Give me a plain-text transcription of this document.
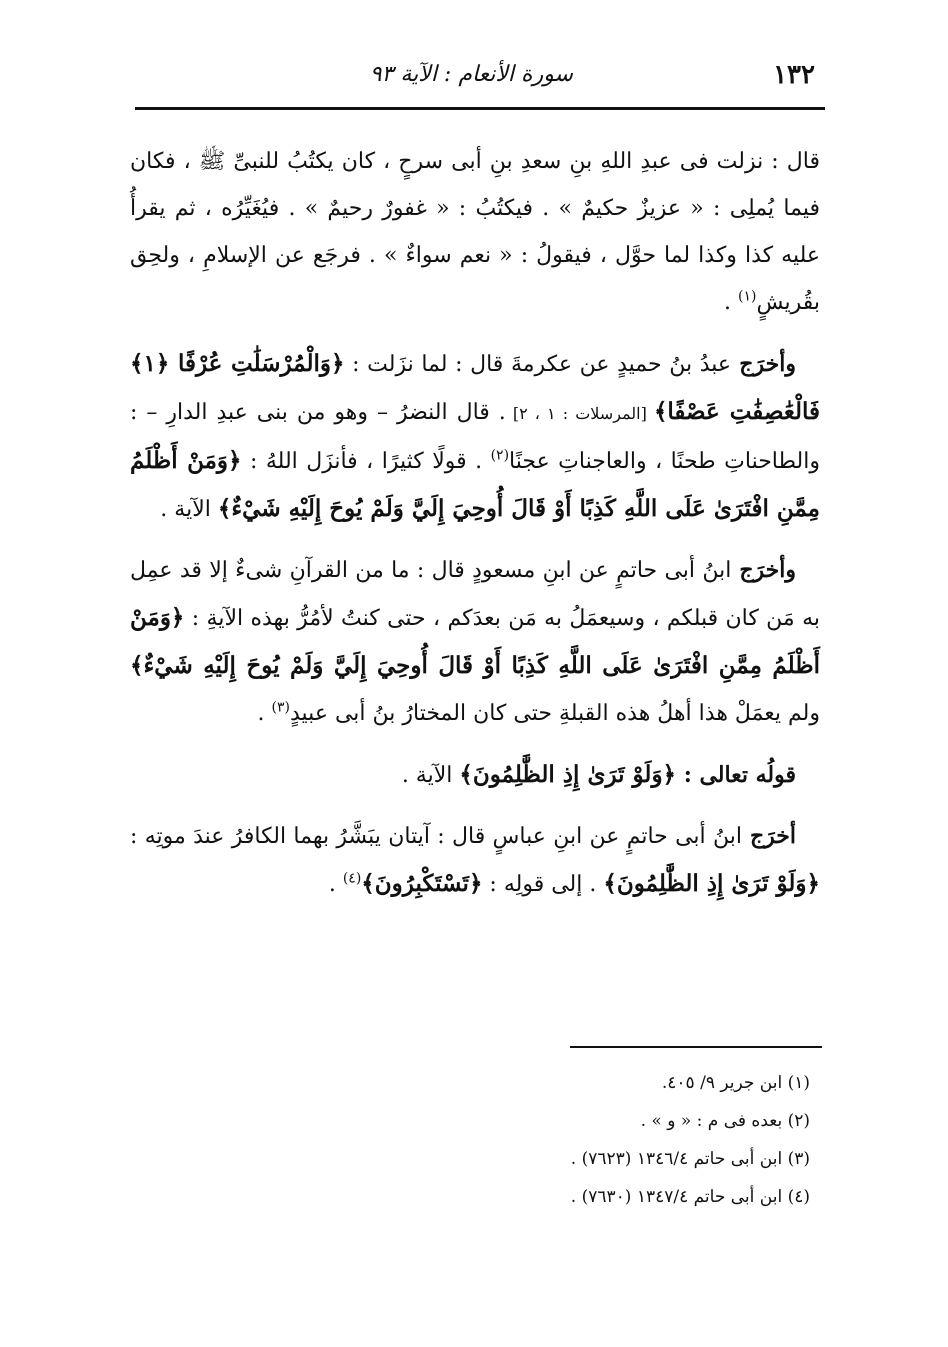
١٣٢
سورة الأنعام : الآية ٩٣

قال : نزلت فى عبدِ اللهِ بنِ سعدِ بنِ أبى سرحٍ ، كان يكتُبُ للنبىِّ ﷺ ، فكان فيما يُملِى : « عزيزٌ حكيمٌ » . فيكتُبُ : « غفورٌ رحيمٌ » . فيُغَيِّرُه ، ثم يقرأُ عليه كذا وكذا لما حوَّل ، فيقولُ : « نعم سواءٌ » . فرجَع عن الإسلامِ ، ولحِق بقُريشٍ$^{(١)}$ .

وأخرَج عبدُ بنُ حميدٍ عن عكرمةَ قال : لما نزَلت : ﴿وَالْمُرْسَلَٰتِ عُرْفًا ﴿١﴾ فَالْعَٰصِفَٰتِ عَصْفًا﴾ [المرسلات : ١ ، ٢] . قال النضرُ – وهو من بنى عبدِ الدارِ – : والطاحناتِ طحنًا ، والعاجناتِ عجنًا$^{(٢)}$ . قولًا كثيرًا ، فأنزَل اللهُ : ﴿وَمَنْ أَظْلَمُ مِمَّنِ افْتَرَىٰ عَلَى اللَّهِ كَذِبًا أَوْ قَالَ أُوحِيَ إِلَيَّ وَلَمْ يُوحَ إِلَيْهِ شَيْءٌ﴾ الآية .

وأخرَج ابنُ أبى حاتمٍ عن ابنِ مسعودٍ قال : ما من القرآنِ شىءٌ إلا قد عمِل به مَن كان قبلكم ، وسيعمَلُ به مَن بعدَكم ، حتى كنتُ لأمُرُّ بهذه الآيةِ : ﴿وَمَنْ أَظْلَمُ مِمَّنِ افْتَرَىٰ عَلَى اللَّهِ كَذِبًا أَوْ قَالَ أُوحِيَ إِلَيَّ وَلَمْ يُوحَ إِلَيْهِ شَيْءٌ﴾ ولم يعمَلْ هذا أهلُ هذه القبلةِ حتى كان المختارُ بنُ أبى عبيدٍ$^{(٣)}$ .

قولُه تعالى : ﴿وَلَوْ تَرَىٰ إِذِ الظَّٰلِمُونَ﴾ الآية .

أخرَج ابنُ أبى حاتمٍ عن ابنِ عباسٍ قال : آيتان يبَشَّرُ بهما الكافرُ عندَ موتِه : ﴿وَلَوْ تَرَىٰ إِذِ الظَّٰلِمُونَ﴾ . إلى قولِه : ﴿تَسْتَكْبِرُونَ﴾$^{(٤)}$ .

(١) ابن جرير ٩/ ٤٠٥.

(٢) بعده فى م : « و » .

(٣) ابن أبى حاتم ١٣٤٦/٤ (٧٦٢٣) .

(٤) ابن أبى حاتم ١٣٤٧/٤ (٧٦٣٠) .
